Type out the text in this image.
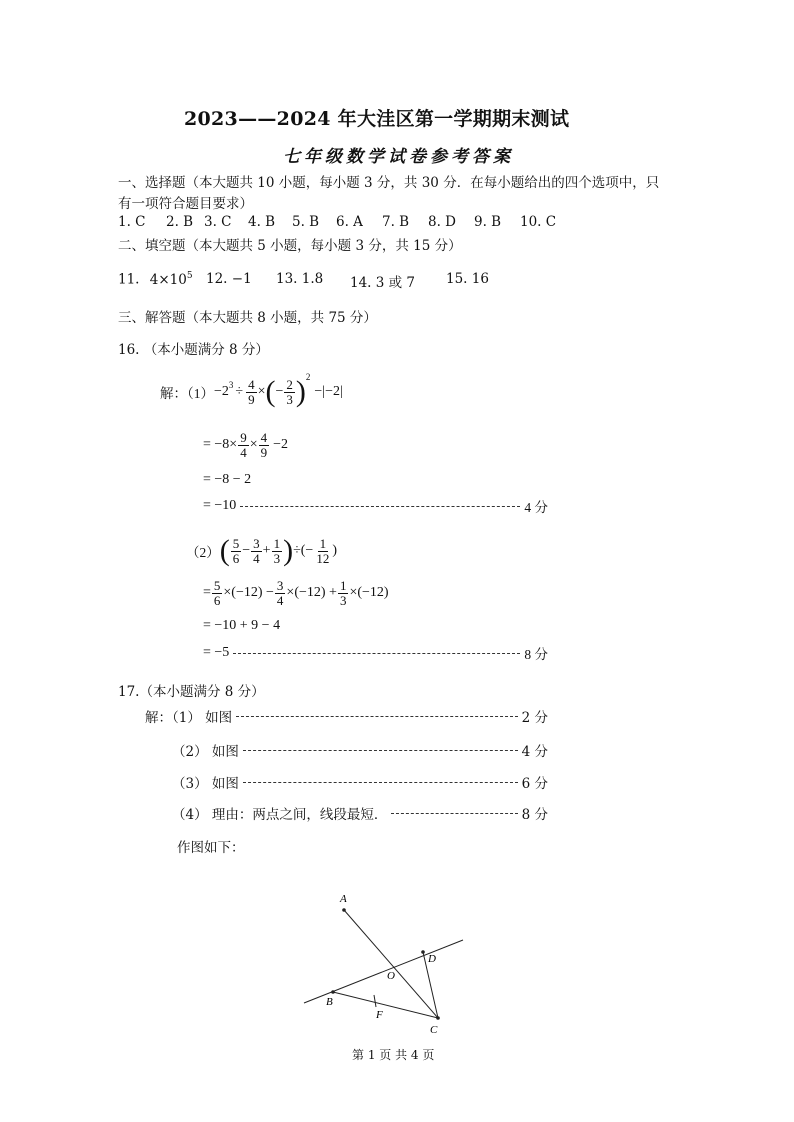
2023——2024 年大洼区第一学期期末测试
七年级数学试卷参考答案
一、选择题（本大题共 10 小题，每小题 3 分，共 30 分．在每小题给出的四个选项中，只
有一项符合题目要求）
1. C	2. B 3. C	4. B	5. B	6. A	7. B	8. D	9. B	10. C
二、填空题（本大题共 5 小题，每小题 3 分，共 15 分）
11. $4\times 10^5$ 12. −1	13. 1.8	14. 3 或 7	15. 16
三、解答题（本大题共 8 小题，共 75 分）
16. （本小题满分 8 分）
解：$(1) -2^3 \div \frac{4}{9}$ × ( − $\frac{2}{3} )^2$
−|−2|
= $-8\times \frac{9}{4} \times \frac{4}{9} -2$
= −8 − 2
= −10	4 分
（2） ( $\frac{5}{6} - \frac{3}{4} + \frac{1}{3}$ ) ÷(− $\frac{1}{12}$ )
= $\frac{5}{6} \times(-12) - \frac{3}{4} \times(-12) + \frac{1}{3} \times(-12)$
= −10 + 9 − 4
= −5	8 分
17.（本小题满分 8 分）
解：（1） 如图	2 分
（2） 如图	4 分
（3） 如图	6 分
（4） 理由：两点之间，线段最短．	8 分
作图如下：
A
O
D
B
F
C
第 1 页 共 4 页
